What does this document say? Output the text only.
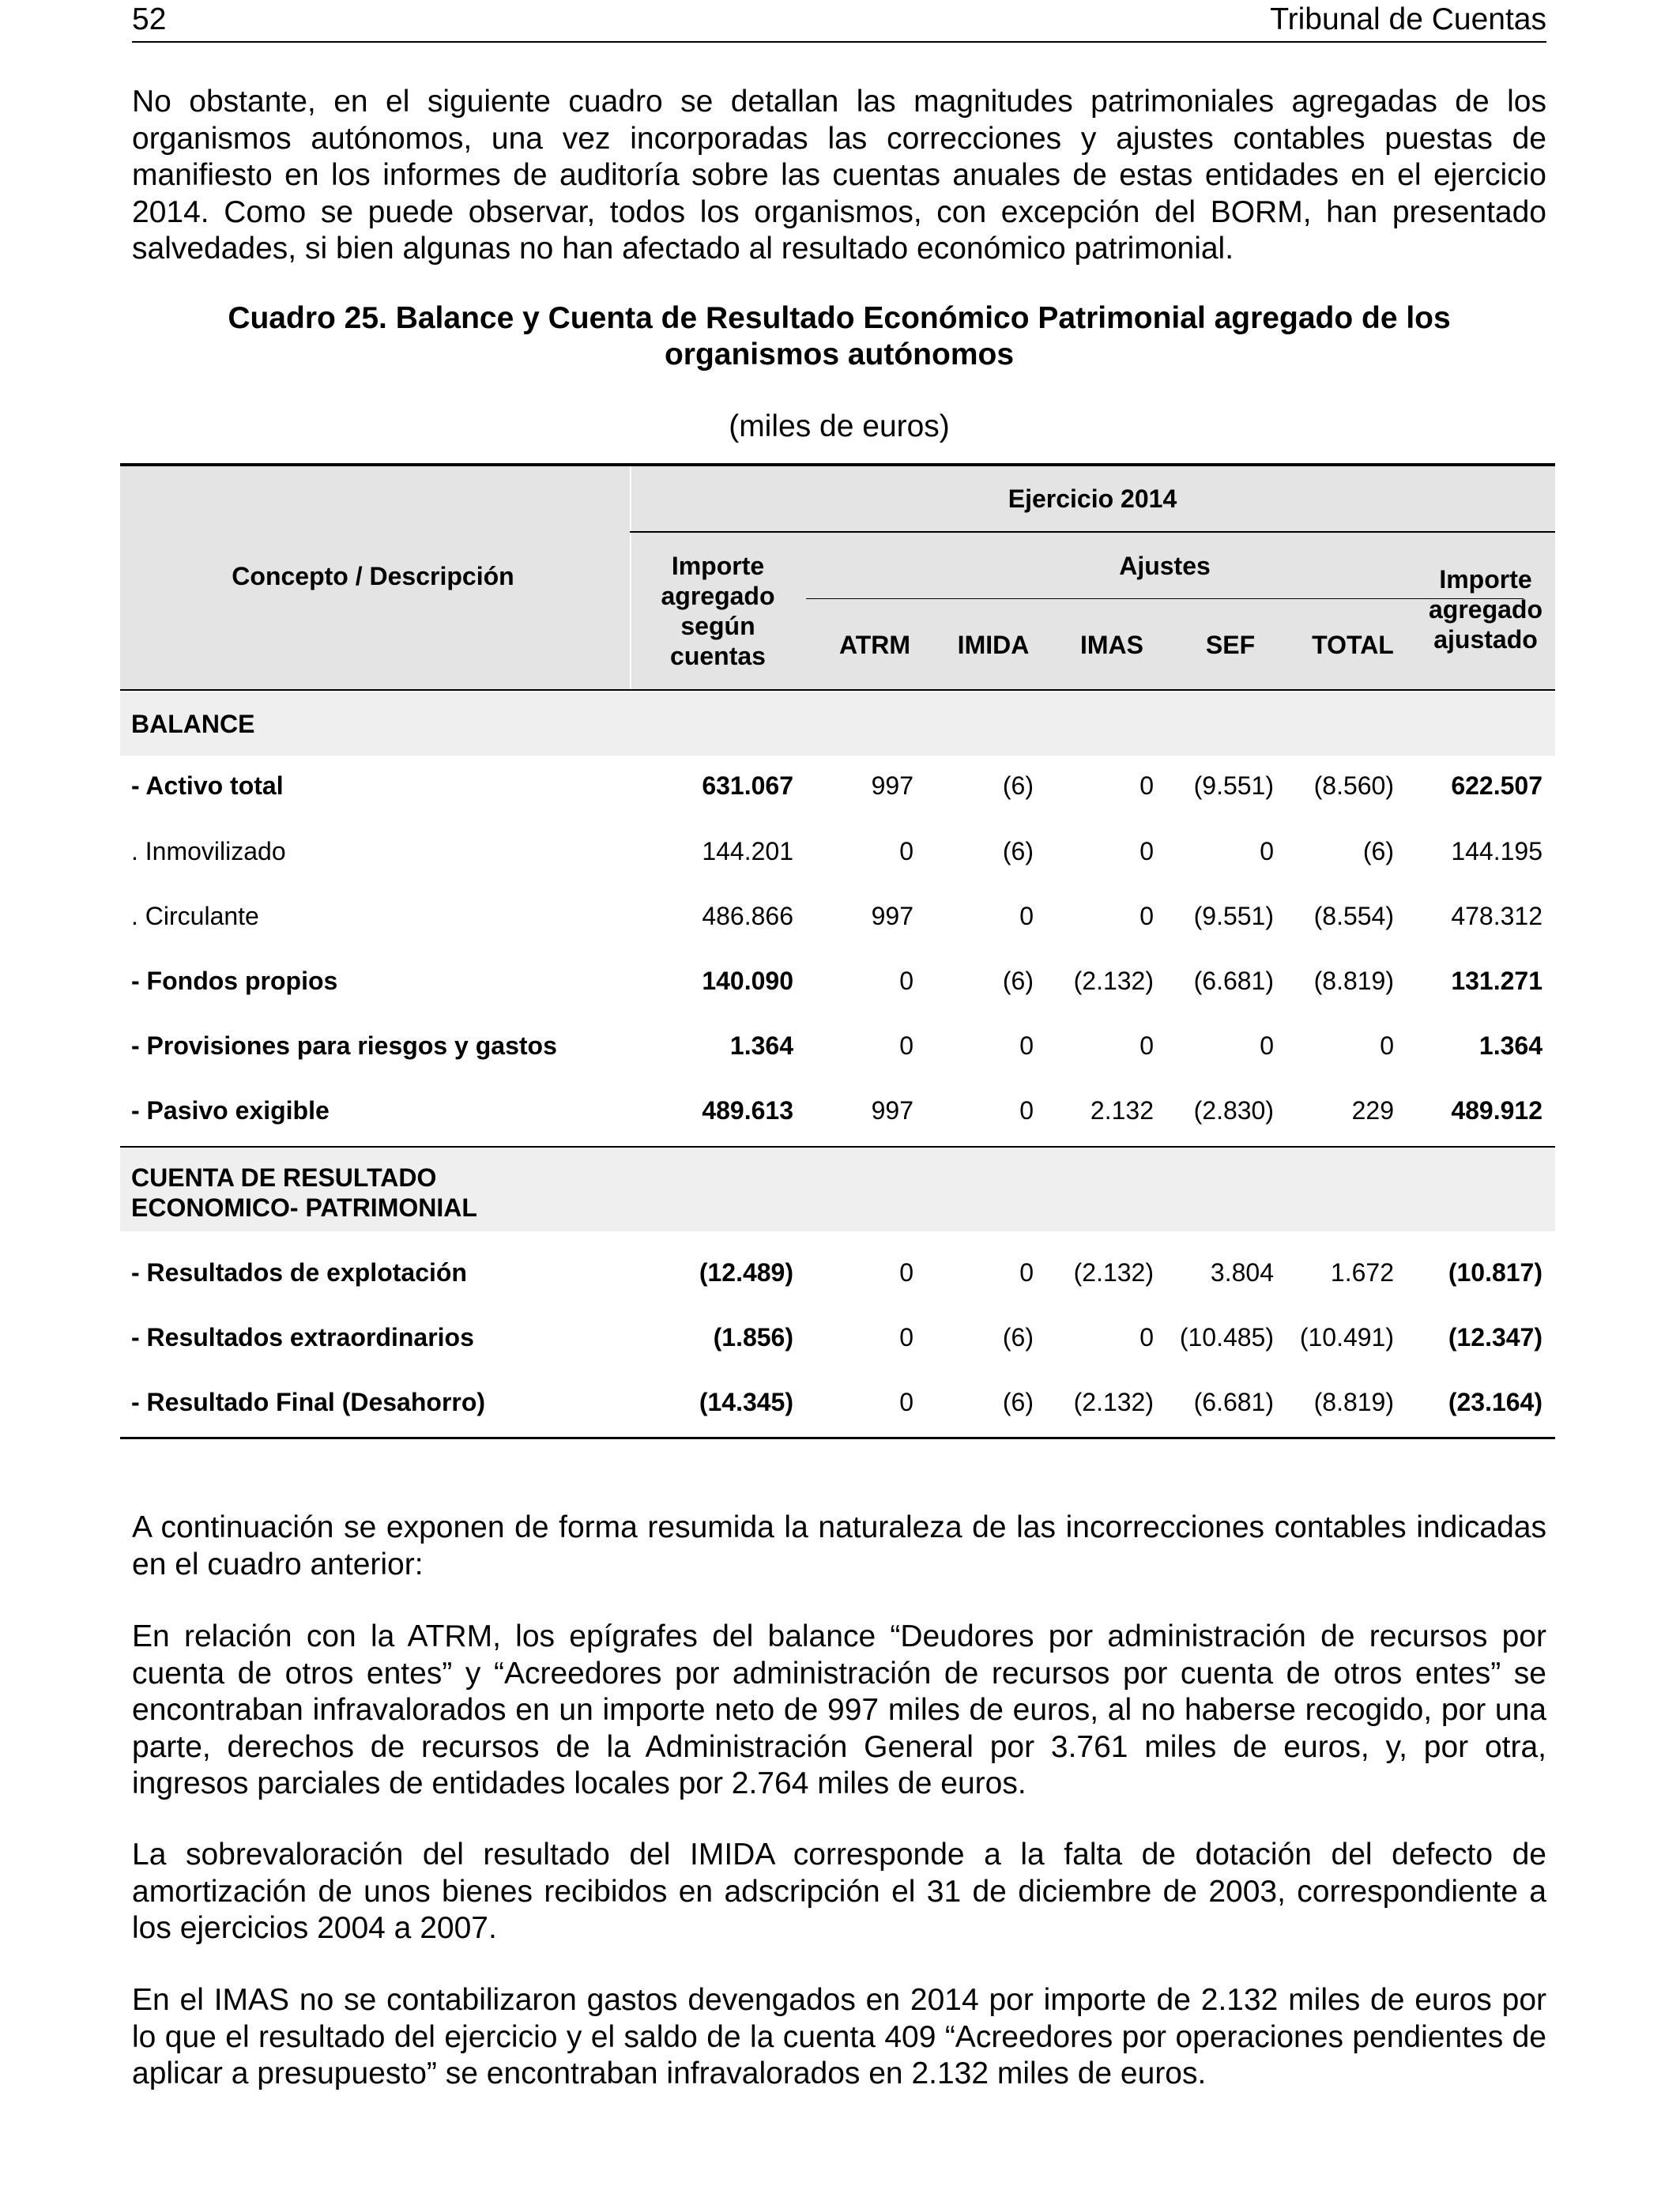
52	Tribunal de Cuentas

No obstante, en el siguiente cuadro se detallan las magnitudes patrimoniales agregadas de los organismos autónomos, una vez incorporadas las correcciones y ajustes contables puestas de manifiesto en los informes de auditoría sobre las cuentas anuales de estas entidades en el ejercicio 2014. Como se puede observar, todos los organismos, con excepción del BORM, han presentado salvedades, si bien algunas no han afectado al resultado económico patrimonial.

Cuadro 25. Balance y Cuenta de Resultado Económico Patrimonial agregado de los
organismos autónomos
(miles de euros)
Ejercicio 2014
Concepto / Descripción	Importe
agregado
según
cuentas
Ajustes
ATRM	IMIDA	IMAS	SEF	TOTAL
Importe
agregado
ajustado
BALANCE
CUENTA DE RESULTADO
ECONOMICO- PATRIMONIAL
- Activo total	631.067	997	(6)	0	(9.551)	(8.560)	622.507
. Inmovilizado	144.201	0	(6)	0	0	(6)	144.195
. Circulante	486.866	997	0	0	(9.551)	(8.554)	478.312
- Fondos propios	140.090	0	(6)	(2.132)	(6.681)	(8.819)	131.271
- Provisiones para riesgos y gastos	1.364	0	0	0	0	0	1.364
- Pasivo exigible	489.613	997	0	2.132	(2.830)	229	489.912
- Resultados de explotación	(12.489)	0	0	(2.132)	3.804	1.672	(10.817)
- Resultados extraordinarios	(1.856)	0	(6)	0	(10.485)	(10.491)	(12.347)
- Resultado Final (Desahorro)	(14.345)	0	(6)	(2.132)	(6.681)	(8.819)	(23.164)

A continuación se exponen de forma resumida la naturaleza de las incorrecciones contables indicadas en el cuadro anterior:

En relación con la ATRM, los epígrafes del balance “Deudores por administración de recursos por cuenta de otros entes” y “Acreedores por administración de recursos por cuenta de otros entes” se encontraban infravalorados en un importe neto de 997 miles de euros, al no haberse recogido, por una parte, derechos de recursos de la Administración General por 3.761 miles de euros, y, por otra, ingresos parciales de entidades locales por 2.764 miles de euros.

La sobrevaloración del resultado del IMIDA corresponde a la falta de dotación del defecto de amortización de unos bienes recibidos en adscripción el 31 de diciembre de 2003, correspondiente a los ejercicios 2004 a 2007.

En el IMAS no se contabilizaron gastos devengados en 2014 por importe de 2.132 miles de euros por lo que el resultado del ejercicio y el saldo de la cuenta 409 “Acreedores por operaciones pendientes de aplicar a presupuesto” se encontraban infravalorados en 2.132 miles de euros.
